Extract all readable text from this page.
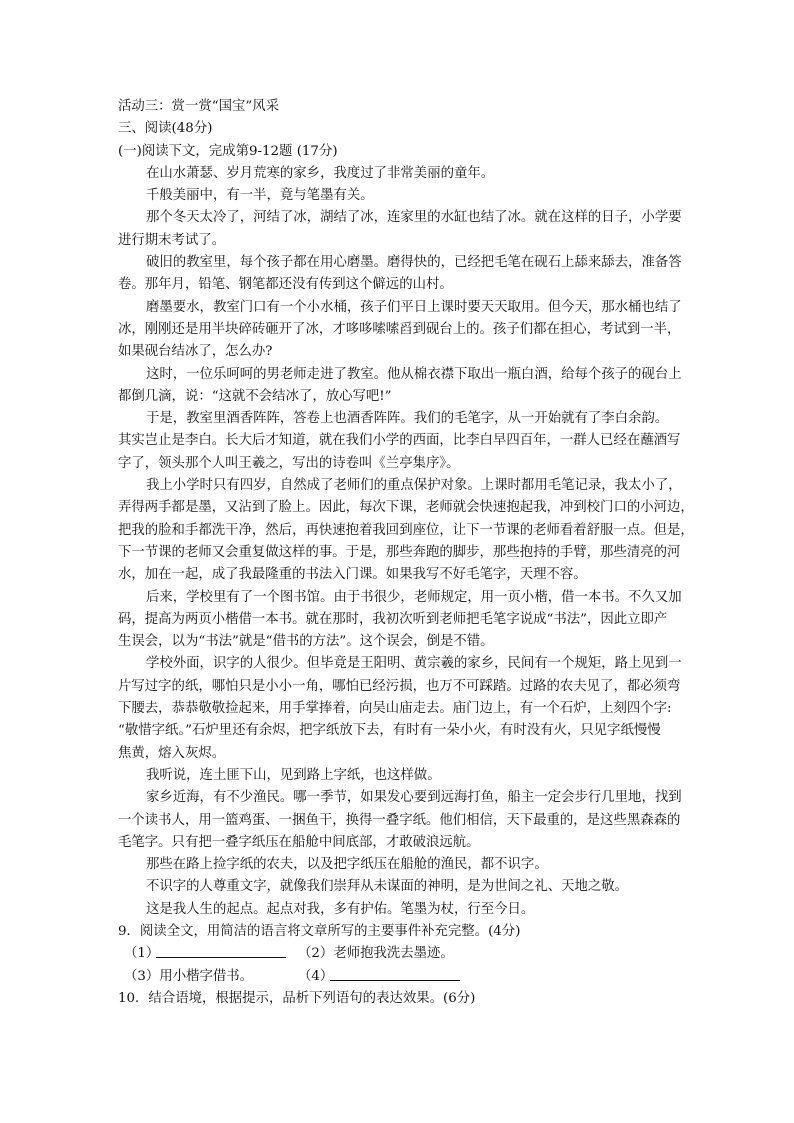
活动三：赏一赏“国宝”风采

三、阅读(48分)

(一)阅读下文，完成第9-12题 (17分)

在山水萧瑟、岁月荒寒的家乡，我度过了非常美丽的童年。

千般美丽中，有一半，竟与笔墨有关。

那个冬天太冷了，河结了冰，湖结了冰，连家里的水缸也结了冰。就在这样的日子，小学要

进行期末考试了。

破旧的教室里，每个孩子都在用心磨墨。磨得快的，已经把毛笔在砚石上舔来舔去，准备答

卷。那年月，铅笔、钢笔都还没有传到这个僻远的山村。

磨墨要水，教室门口有一个小水桶，孩子们平日上课时要天天取用。但今天，那水桶也结了

冰，刚刚还是用半块碎砖砸开了冰，才哆哆嗦嗦舀到砚台上的。孩子们都在担心，考试到一半，

如果砚台结冰了，怎么办?

这时，一位乐呵呵的男老师走进了教室。他从棉衣襟下取出一瓶白酒，给每个孩子的砚台上

都倒几滴，说：“这就不会结冰了，放心写吧!”

于是，教室里酒香阵阵，答卷上也酒香阵阵。我们的毛笔字，从一开始就有了李白余韵。

其实岂止是李白。长大后才知道，就在我们小学的西面，比李白早四百年，一群人已经在蘸酒写

字了，领头那个人叫王羲之，写出的诗卷叫《兰亭集序》。

我上小学时只有四岁，自然成了老师们的重点保护对象。上课时都用毛笔记录，我太小了，

弄得两手都是墨，又沾到了脸上。因此，每次下课，老师就会快速抱起我，冲到校门口的小河边，

把我的脸和手都洗干净，然后，再快速抱着我回到座位，让下一节课的老师看着舒服一点。但是，

下一节课的老师又会重复做这样的事。于是，那些奔跑的脚步，那些抱持的手臂，那些清亮的河

水，加在一起，成了我最隆重的书法入门课。如果我写不好毛笔字，天理不容。

后来，学校里有了一个图书馆。由于书很少，老师规定，用一页小楷，借一本书。不久又加

码，提高为两页小楷借一本书。就在那时，我初次听到老师把毛笔字说成“书法”，因此立即产

生误会，以为“书法”就是“借书的方法”。这个误会，倒是不错。

学校外面，识字的人很少。但毕竟是王阳明、黄宗羲的家乡，民间有一个规矩，路上见到一

片写过字的纸，哪怕只是小小一角，哪怕已经污损，也万不可踩踏。过路的农夫见了，都必须弯

下腰去，恭恭敬敬捡起来，用手掌捧着，向吴山庙走去。庙门边上，有一个石炉，上刻四个字:

“敬惜字纸。”石炉里还有余烬，把字纸放下去，有时有一朵小火，有时没有火，只见字纸慢慢

焦黄，熔入灰烬。

我听说，连土匪下山，见到路上字纸，也这样做。

家乡近海，有不少渔民。哪一季节，如果发心要到远海打鱼，船主一定会步行几里地，找到

一个读书人，用一篮鸡蛋、一捆鱼干，换得一叠字纸。他们相信，天下最重的，是这些黑森森的

毛笔字。只有把一叠字纸压在船舱中间底部，才敢破浪远航。

那些在路上捡字纸的农夫，以及把字纸压在船舱的渔民，都不识字。

不识字的人尊重文字，就像我们崇拜从未谋面的神明，是为世间之礼、天地之敬。

这是我人生的起点。起点对我，多有护佑。笔墨为杖，行至今日。

9．阅读全文，用简洁的语言将文章所写的主要事件补充完整。(4分)

（1）	（2）老师抱我洗去墨迹。
（3）用小楷字借书。	（4）

10．结合语境，根据提示，品析下列语句的表达效果。(6分)
